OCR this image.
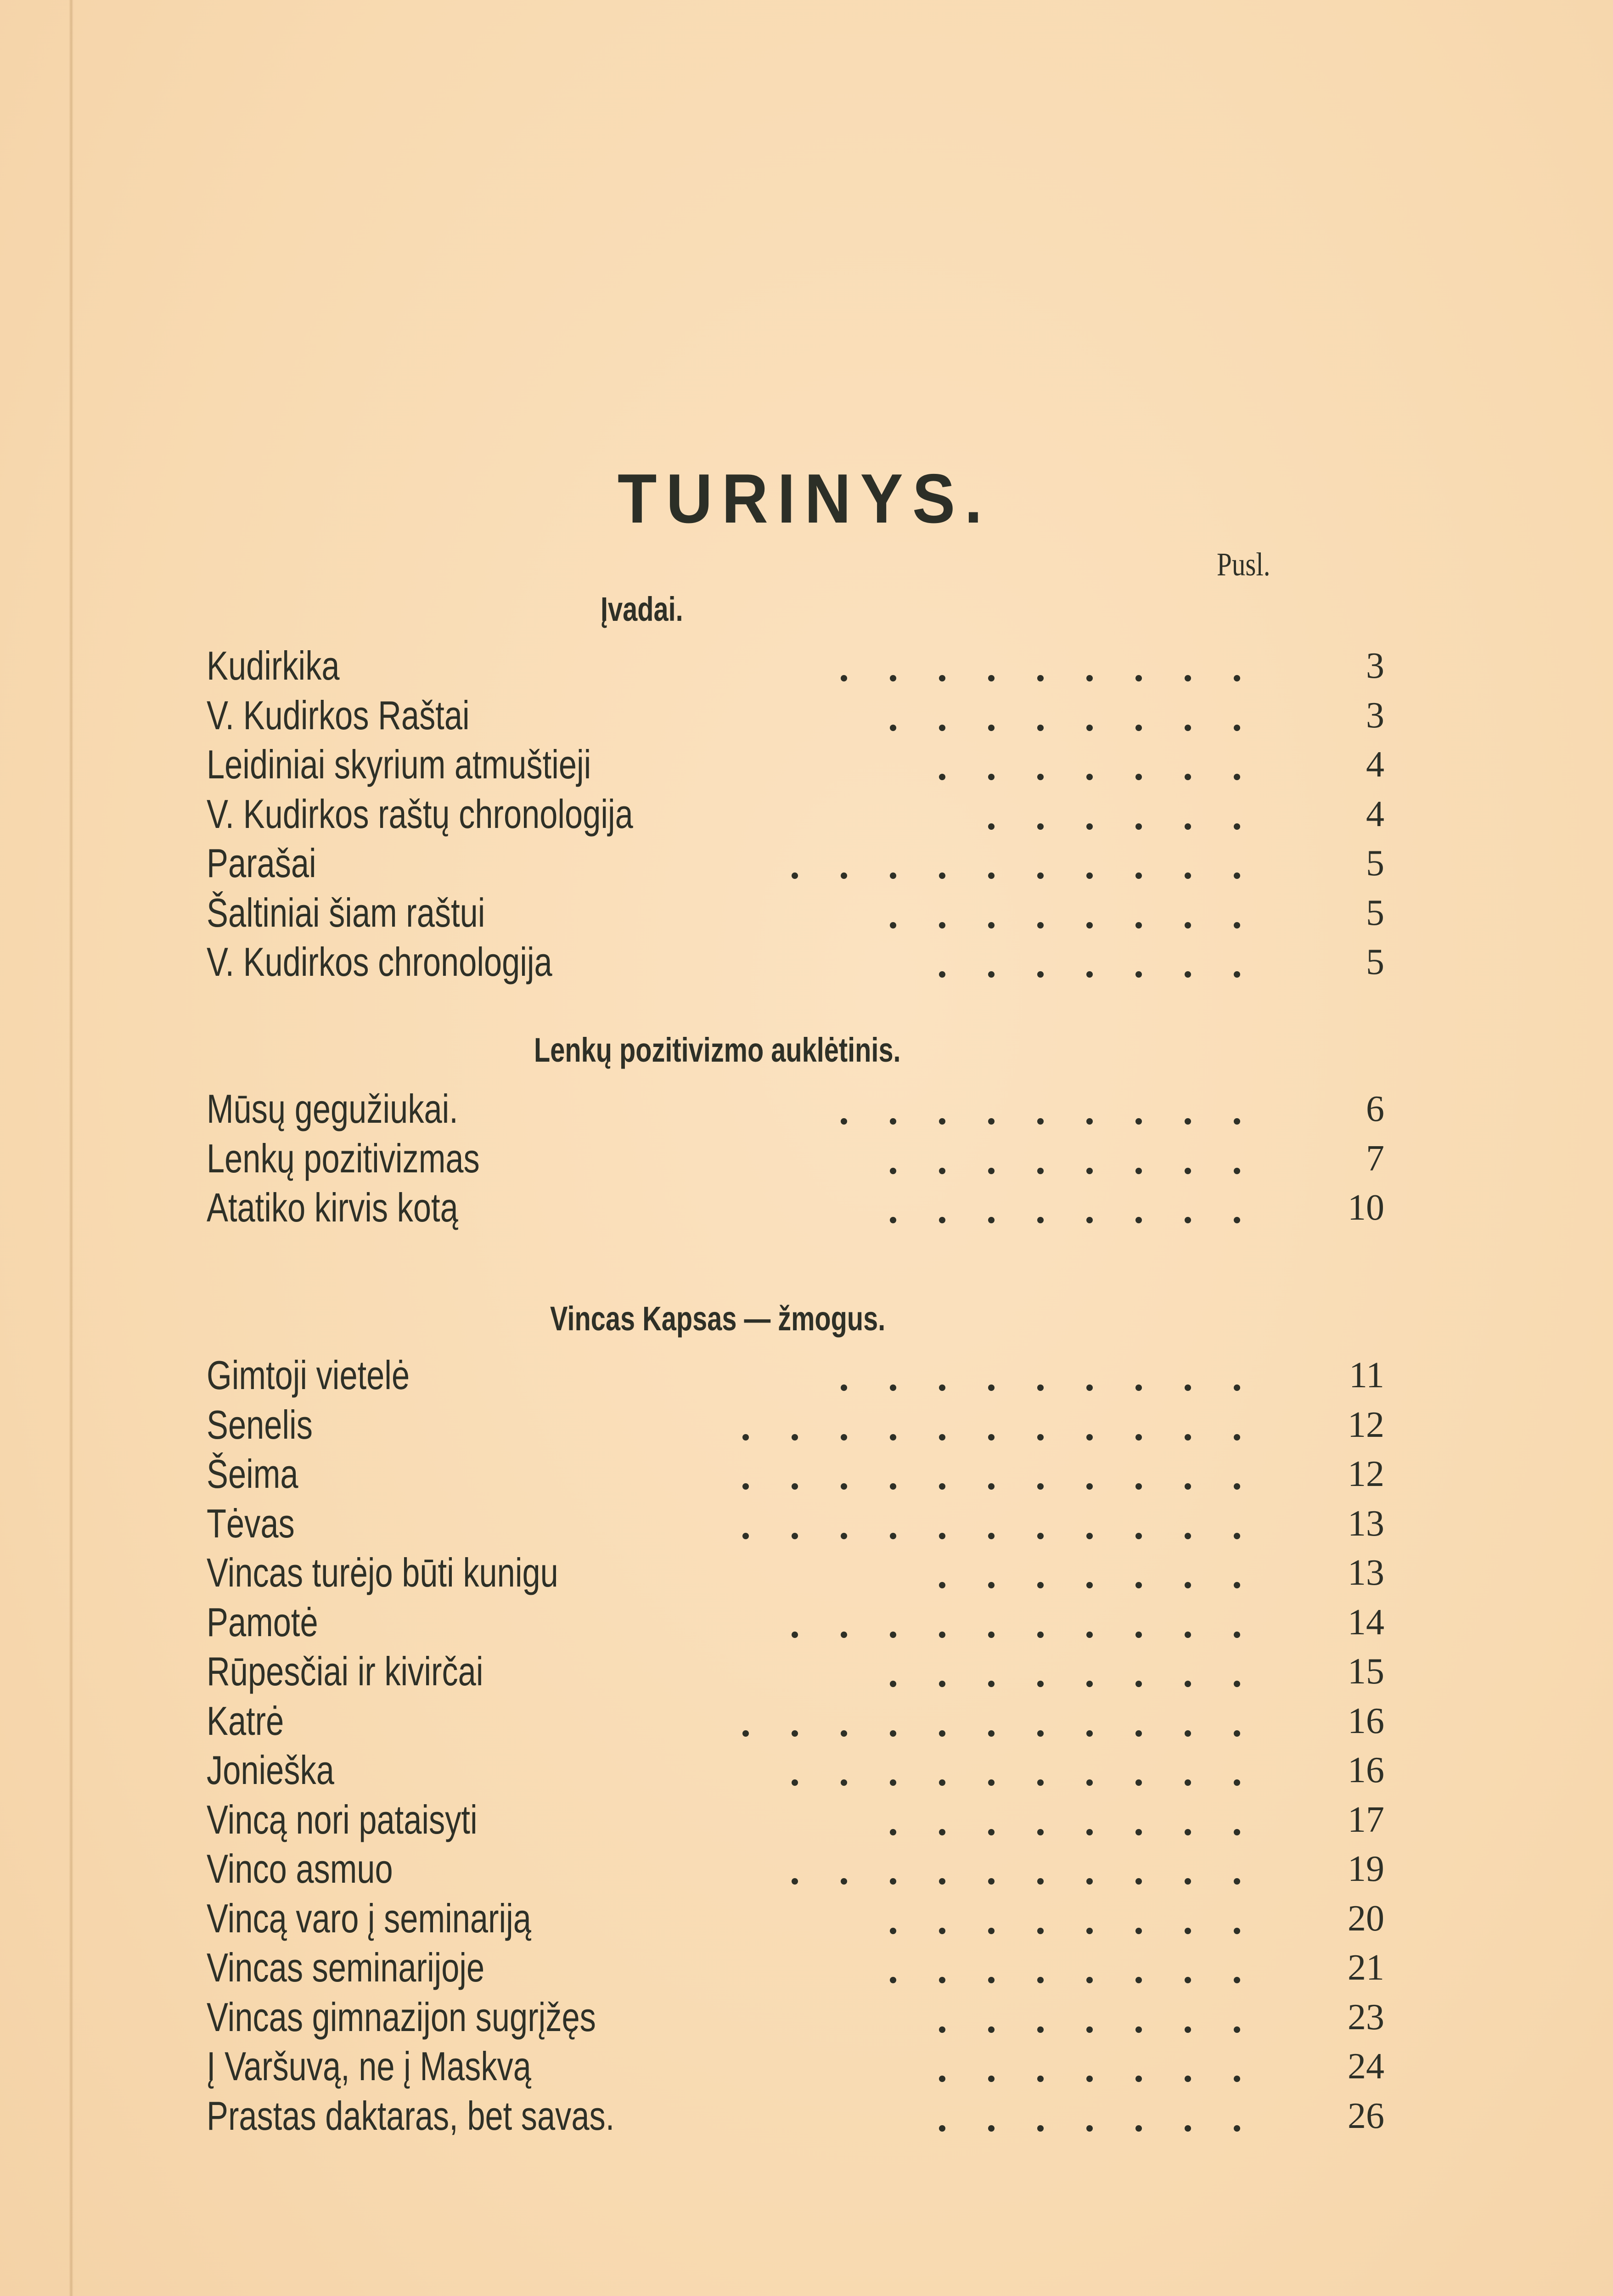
TURINYS.
Pusl.
Įvadai.
Kudirkika	3
V. Kudirkos Raštai	3
Leidiniai skyrium atmuštieji	4
V. Kudirkos raštų chronologija	4
Parašai	5
Šaltiniai šiam raštui	5
V. Kudirkos chronologija	5
Lenkų pozitivizmo auklėtinis.
Mūsų gegužiukai.	6
Lenkų pozitivizmas	7
Atatiko kirvis kotą	10
Vincas Kapsas — žmogus.
Gimtoji vietelė	11
Senelis	12
Šeima	12
Tėvas	13
Vincas turėjo būti kunigu	13
Pamotė	14
Rūpesčiai ir kivirčai	15
Katrė	16
Jonieška	16
Vincą nori pataisyti	17
Vinco asmuo	19
Vincą varo į seminariją	20
Vincas seminarijoje	21
Vincas gimnazijon sugrįžęs	23
Į Varšuvą, ne į Maskvą	24
Prastas daktaras, bet savas.	26
